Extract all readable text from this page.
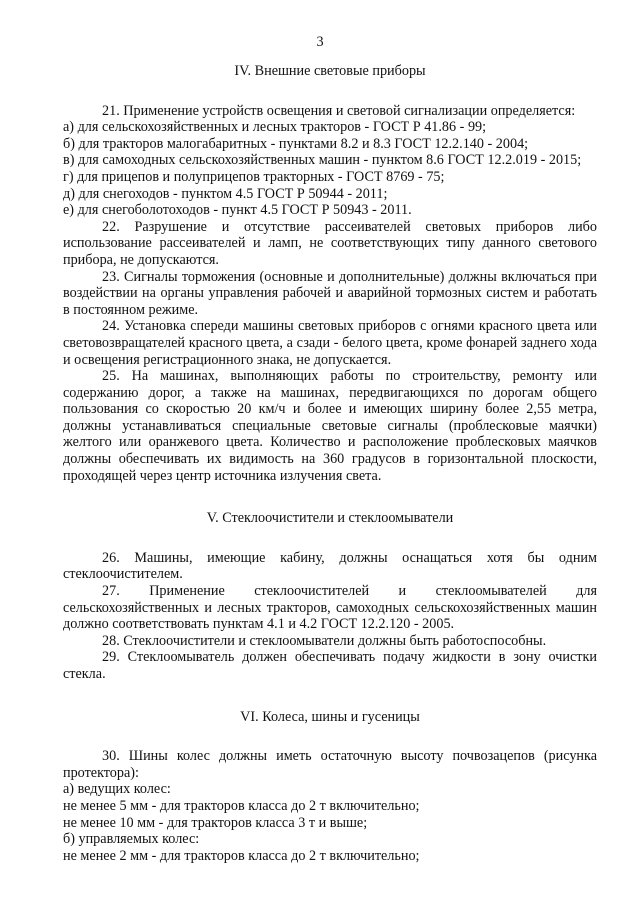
3

IV. Внешние световые приборы

21. Применение устройств освещения и световой сигнализации определяется:

а) для сельскохозяйственных и лесных тракторов - ГОСТ Р 41.86 - 99;

б) для тракторов малогабаритных - пунктами 8.2 и 8.3 ГОСТ 12.2.140 - 2004;

в) для самоходных сельскохозяйственных машин - пунктом 8.6 ГОСТ 12.2.019 - 2015;

г) для прицепов и полуприцепов тракторных - ГОСТ 8769 - 75;

д) для снегоходов - пунктом 4.5 ГОСТ Р 50944 - 2011;

е) для снегоболотоходов - пункт 4.5 ГОСТ Р 50943 - 2011.

22. Разрушение и отсутствие рассеивателей световых приборов либо использование рассеивателей и ламп, не соответствующих типу данного светового прибора, не допускаются.

23. Сигналы торможения (основные и дополнительные) должны включаться при воздействии на органы управления рабочей и аварийной тормозных систем и работать в постоянном режиме.

24. Установка спереди машины световых приборов с огнями красного цвета или световозвращателей красного цвета, а сзади - белого цвета, кроме фонарей заднего хода и освещения регистрационного знака, не допускается.

25. На машинах, выполняющих работы по строительству, ремонту или содержанию дорог, а также на машинах, передвигающихся по дорогам общего пользования со скоростью 20 км/ч и более и имеющих ширину более 2,55 метра, должны устанавливаться специальные световые сигналы (проблесковые маячки) желтого или оранжевого цвета. Количество и расположение проблесковых маячков должны обеспечивать их видимость на 360 градусов в горизонтальной плоскости, проходящей через центр источника излучения света.

V. Стеклоочистители и стеклоомыватели

26. Машины, имеющие кабину, должны оснащаться хотя бы одним стеклоочистителем.

27. Применение стеклоочистителей и стеклоомывателей для сельскохозяйственных и лесных тракторов, самоходных сельскохозяйственных машин должно соответствовать пунктам 4.1 и 4.2 ГОСТ 12.2.120 - 2005.

28. Стеклоочистители и стеклоомыватели должны быть работоспособны.

29. Стеклоомыватель должен обеспечивать подачу жидкости в зону очистки стекла.

VI. Колеса, шины и гусеницы

30. Шины колес должны иметь остаточную высоту почвозацепов (рисунка протектора):

а) ведущих колес:

не менее 5 мм - для тракторов класса до 2 т включительно;

не менее 10 мм - для тракторов класса 3 т и выше;

б) управляемых колес:

не менее 2 мм - для тракторов класса до 2 т включительно;
